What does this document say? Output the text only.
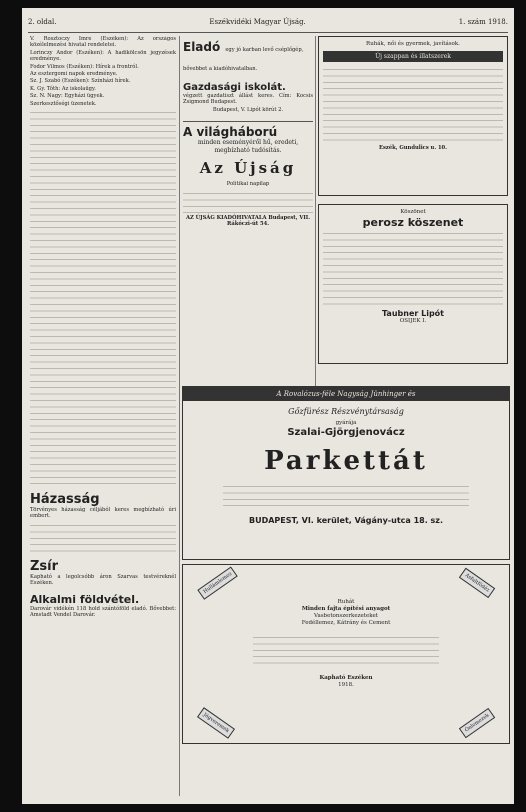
2. oldal.	Eszékvidéki Magyar Újság.	1. szám 1918.

V. Rosztoczy Imre (Eszéken): Az országos közélelmezési hivatal rendeletei.

Lorinczy Andor (Eszéken): A hadikölcsön jegyzések eredménye.

Fodor Vilmos (Eszéken): Hírek a frontról.

Az esztergomi napok eredménye.

Sz. J. Szabó (Eszéken): Színházi hírek.

K. Gy. Tóth: Az iskolaügy.

Sz. N. Nagy: Egyházi ügyek.

Szerkesztőségi üzenetek.

Házasság

Törvényes házasság céljából keres megbízható úri embert.

Zsír

Kapható a legolcsóbb áron Szarvas testvéreknél Eszéken.

Alkalmi földvétel.

Darovár vidékén 118 hold szántóföld eladó. Bővebbet: Amstadt Vendel Darovár.

Eladó egy jó karban levő cséplőgép, bővebbet a kiadóhivatalban.
Gazdasági iskolát.

végzett gazdatiszt állást keres. Cím: Kocsis Zsigmond Budapest.

Budapest, V. Lipót körút 2.

A világháború

minden eseményéről hű, eredeti, megbízható tudósítás.

Az Újság

Politikai napilap

AZ ÚJSÁG KIADÓHIVATALA Budapest, VII. Rákóczi-út 54.

Ruhák, női és gyermek, javítások.

Új szappan és illatszerek

Eszék, Gundulics u. 10.

Köszönet
perosz köszenet
Taubner Lipót
OSIJEK I.
A Rovalózus-féle Nagyság Jünhinger és
Gőzfürész Részvénytársaság
gyárája
Szalai-Gjörgjenovácz
Parkettát
BUDAPEST, VI. kerület, Vágány-utca 18. sz.
Hullámlemez	Asfaltfödéz
Jégveremek	Ónlemezek
Ruhát
Minden fajta építési anyagot
Vasbetonszerkezeteket
Fedéllemez, Kátrány és Cement
Kapható Eszéken
1918.
